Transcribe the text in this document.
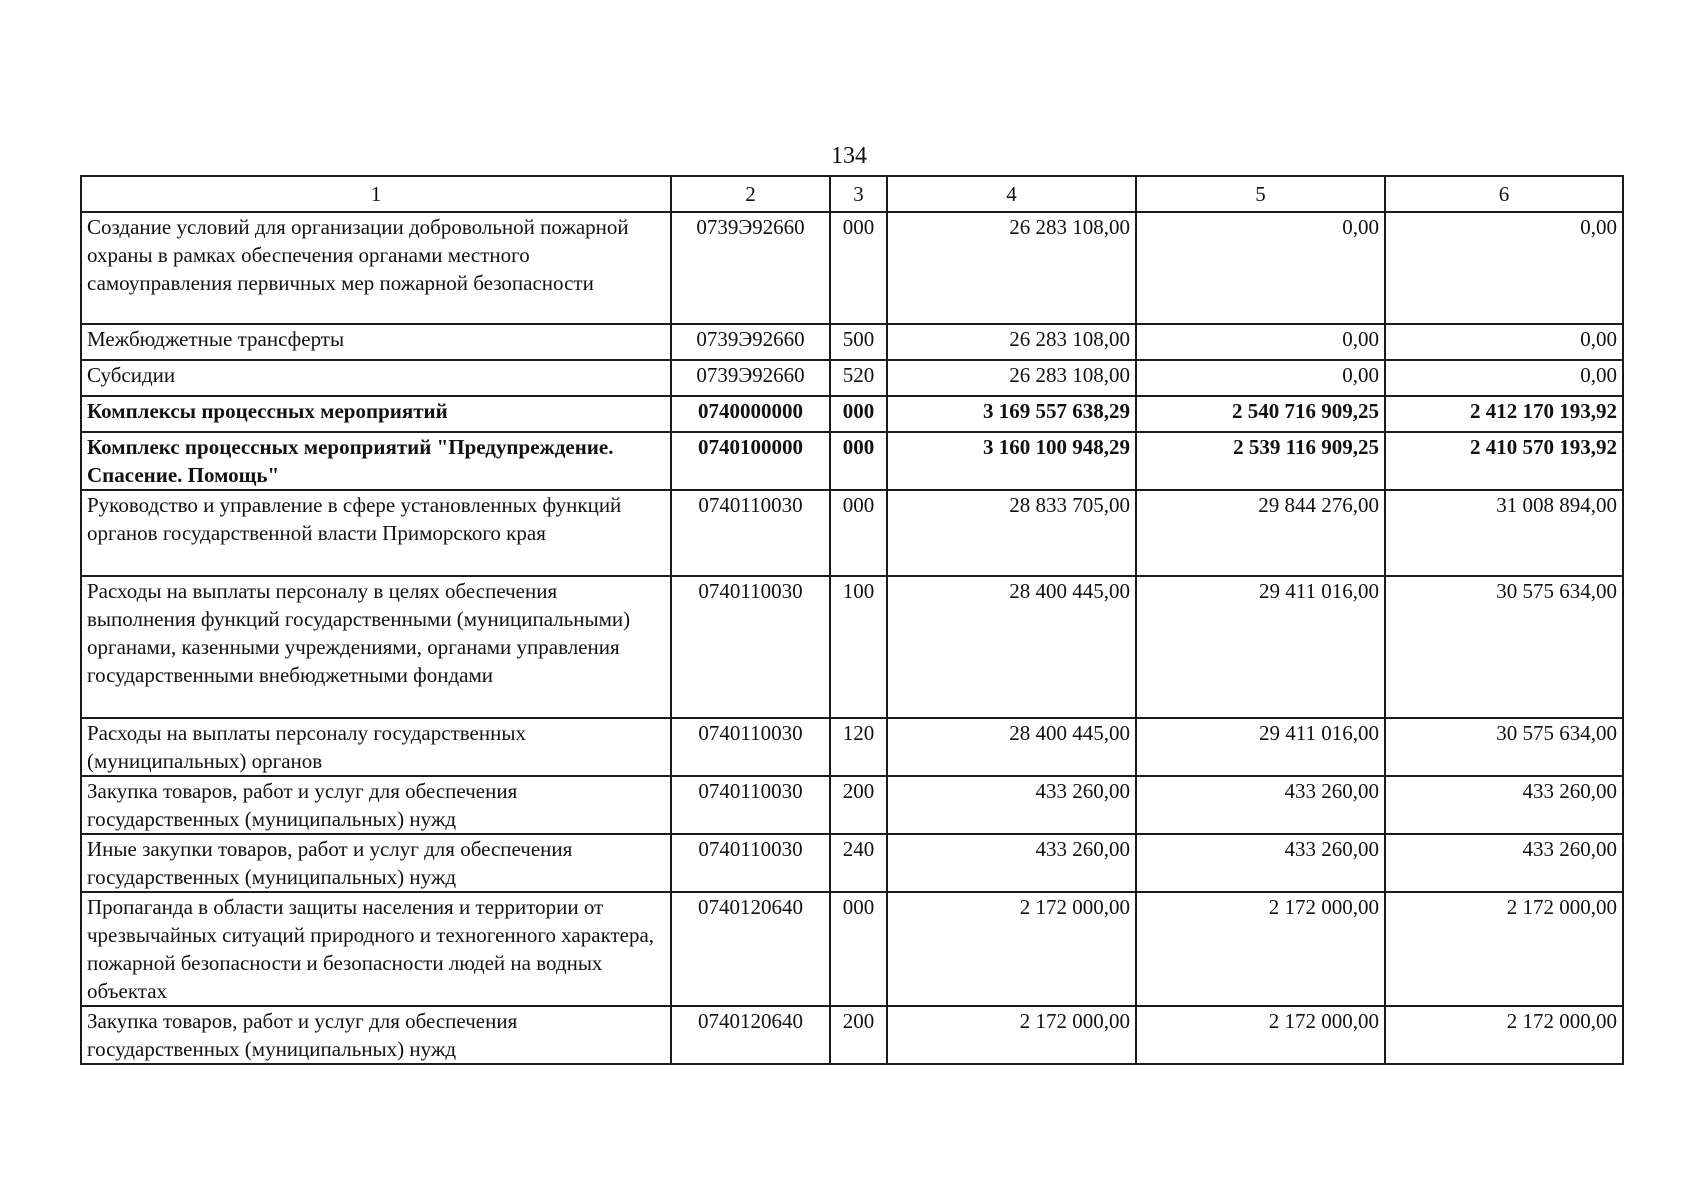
134
1	2	3	4	5	6
Создание условий для организации добровольной пожарной охраны в рамках обеспечения органами местного самоуправления первичных мер пожарной безопасности	0739Э92660	000	26 283 108,00	0,00	0,00
Межбюджетные трансферты	0739Э92660	500	26 283 108,00	0,00	0,00
Субсидии	0739Э92660	520	26 283 108,00	0,00	0,00
Комплексы процессных мероприятий	0740000000	000	3 169 557 638,29	2 540 716 909,25	2 412 170 193,92
Комплекс процессных мероприятий "Предупреждение. Спасение. Помощь"	0740100000	000	3 160 100 948,29	2 539 116 909,25	2 410 570 193,92
Руководство и управление в сфере установленных функций органов государственной власти Приморского края	0740110030	000	28 833 705,00	29 844 276,00	31 008 894,00
Расходы на выплаты персоналу в целях обеспечения выполнения функций государственными (муниципальными) органами, казенными учреждениями, органами управления государственными внебюджетными фондами	0740110030	100	28 400 445,00	29 411 016,00	30 575 634,00
Расходы на выплаты персоналу государственных (муниципальных) органов	0740110030	120	28 400 445,00	29 411 016,00	30 575 634,00
Закупка товаров, работ и услуг для обеспечения государственных (муниципальных) нужд	0740110030	200	433 260,00	433 260,00	433 260,00
Иные закупки товаров, работ и услуг для обеспечения государственных (муниципальных) нужд	0740110030	240	433 260,00	433 260,00	433 260,00
Пропаганда в области защиты населения и территории от чрезвычайных ситуаций природного и техногенного характера, пожарной безопасности и безопасности людей на водных объектах	0740120640	000	2 172 000,00	2 172 000,00	2 172 000,00
Закупка товаров, работ и услуг для обеспечения государственных (муниципальных) нужд	0740120640	200	2 172 000,00	2 172 000,00	2 172 000,00
